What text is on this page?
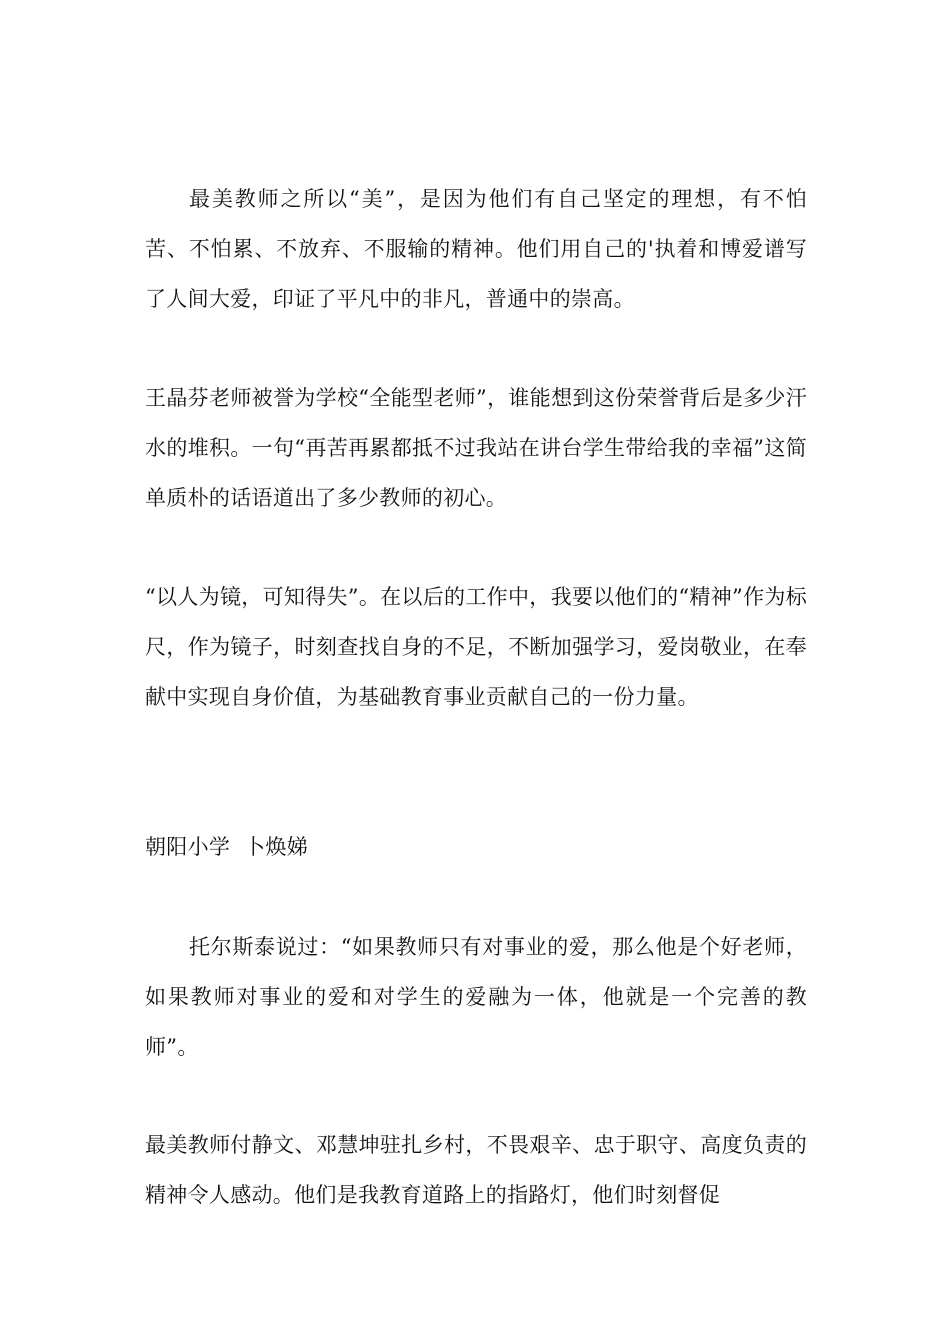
最美教师之所以“美”，是因为他们有自己坚定的理想，有不怕苦、不怕累、不放弃、不服输的精神。他们用自己的'执着和博爱谱写了人间大爱，印证了平凡中的非凡，普通中的崇高。

王晶芬老师被誉为学校“全能型老师”，谁能想到这份荣誉背后是多少汗水的堆积。一句“再苦再累都抵不过我站在讲台学生带给我的幸福”这简单质朴的话语道出了多少教师的初心。

“以人为镜，可知得失”。在以后的工作中，我要以他们的“精神”作为标尺，作为镜子，时刻查找自身的不足，不断加强学习，爱岗敬业，在奉献中实现自身价值，为基础教育事业贡献自己的一份力量。

朝阳小学  卜焕娣

托尔斯泰说过：“如果教师只有对事业的爱，那么他是个好老师，如果教师对事业的爱和对学生的爱融为一体，他就是一个完善的教师”。

最美教师付静文、邓慧坤驻扎乡村，不畏艰辛、忠于职守、高度负责的精神令人感动。他们是我教育道路上的指路灯，他们时刻督促
